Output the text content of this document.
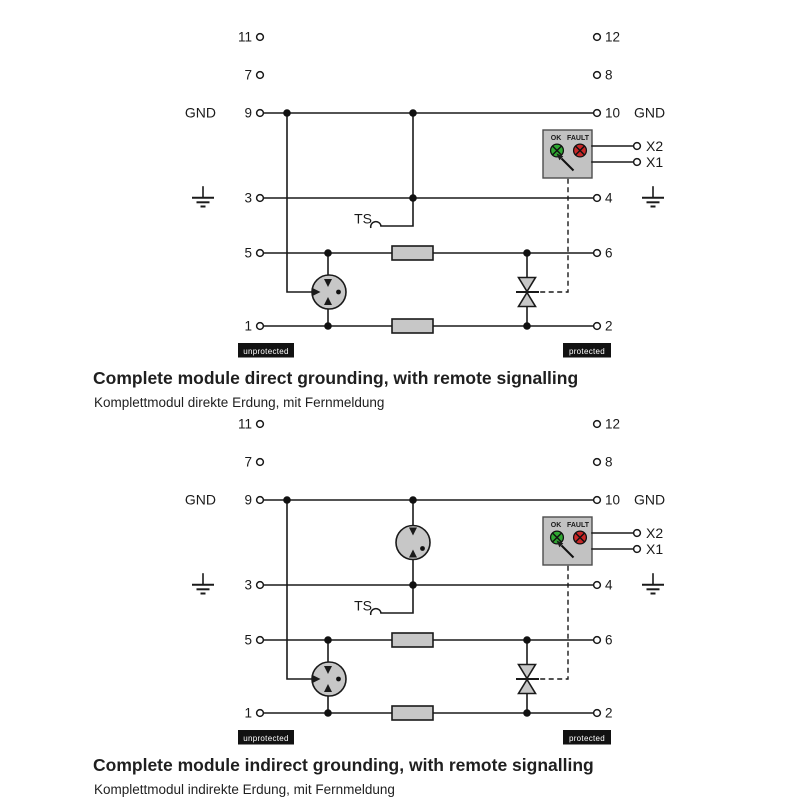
11
7
9
3
5
1
12
8
10
4
6
2
GND	GND
TS
OK FAULT	X2
X1
unprotected	protected
Complete module direct grounding, with remote signalling
Komplettmodul direkte Erdung, mit Fernmeldung
11
7
9
3
5
1
12
8
10
4
6
2
GND	GND
TS
OK FAULT	X2
X1
unprotected	protected
Complete module indirect grounding, with remote signalling
Komplettmodul indirekte Erdung, mit Fernmeldung
